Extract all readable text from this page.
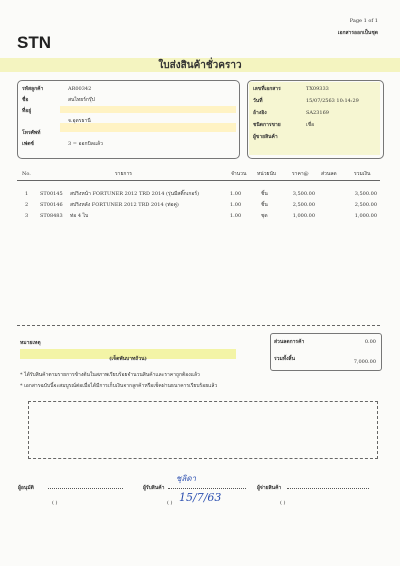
Page 1 of 1
เอกสารออกเป็นชุด
STN
ใบส่งสินค้าชั่วคราว
รหัสลูกค้า	AR00342
ชื่อ	สนไทยร์กรุ๊ป
ที่อยู่
จ.อุดรธานี
โทรศัพท์
เฟดซ์	3 = ออกบิลแล้ว
เลขที่เอกสาร	TX09333
วันที่	15/07/2563 10:14:29
อ้างอิง	SA23169
ชนิดการขาย	เชื่อ
ผู้ขายสินค้า
No.	รายการ	จำนวน หน่วยนับ	ราคา@ ส่วนลด	รวมเงิน
1 ST00145 สปริงหน้า FORTUNER 2012 TRD 2014 (รุ่นมีสติ๊กเกอร์)	1.00	ชิ้น	3,500.00	3,500.00
2 ST00146 สปริงหลัง FORTUNER 2012 TRD 2014 (ท่อคู่)	1.00	ชิ้น	2,500.00	2,500.00
3 ST08483 ท่อ 4 ไบ	1.00	ชุด	1,000.00	1,000.00
หมายเหตุ
(เจ็ดพันบาทถ้วน)
ส่วนลดการค้า	0.00
รวมทั้งสิ้น	7,000.00
* ได้รับสินค้าตามรายการข้างต้นในสภาพเรียบร้อยจำนวนสินค้าและราคาถูกต้องแล้ว
* เอกสารฉบับนี้จะสมบูรณ์ต่อเมื่อได้มีการเก็บเงินจากลูกค้าหรือเช็คผ่านธนาคารเรียบร้อยแล้ว
ผู้อนุมัติ
( )
ผู้รับสินค้า
( )
ชุลิดา
15/7/63
ผู้จ่ายสินค้า
( )
